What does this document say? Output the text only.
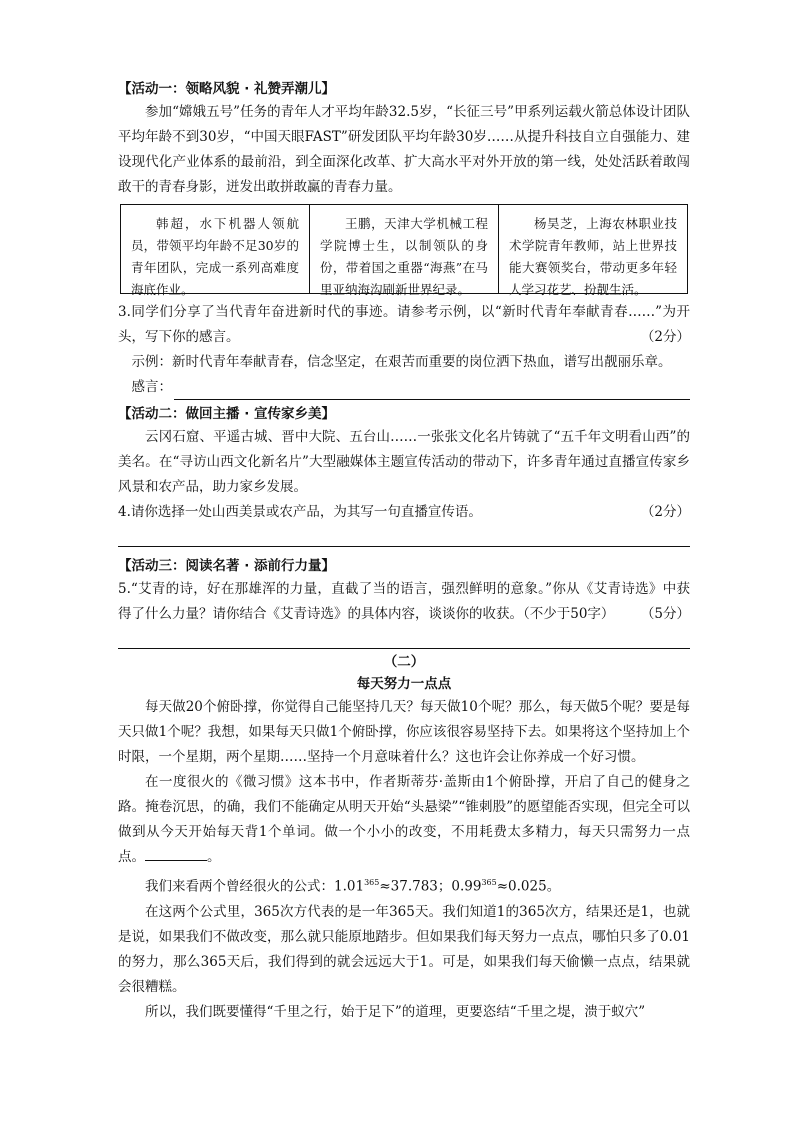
【活动一：领略风貌 · 礼赞弄潮儿】

参加“嫦娥五号”任务的青年人才平均年龄32.5岁，“长征三号”甲系列运载火箭总体设计团队平均年龄不到30岁，“中国天眼FAST”研发团队平均年龄30岁……从提升科技自立自强能力、建设现代化产业体系的最前沿，到全面深化改革、扩大高水平对外开放的第一线，处处活跃着敢闯敢干的青春身影，迸发出敢拼敢赢的青春力量。

韩超，水下机器人领航员，带领平均年龄不足30岁的青年团队，完成一系列高难度海底作业。
王鹏，天津大学机械工程学院博士生，以制领队的身份，带着国之重器“海燕”在马里亚纳海沟刷新世界纪录。
杨昊芝，上海农林职业技术学院青年教师，站上世界技能大赛领奖台，带动更多年轻人学习花艺、扮靓生活。

3.同学们分享了当代青年奋进新时代的事迹。请参考示例，以“新时代青年奉献青春……”为开头，写下你的感言。	（2分）

示例：新时代青年奉献青春，信念坚定，在艰苦而重要的岗位洒下热血，谱写出靓丽乐章。

感言：
【活动二：做回主播 · 宣传家乡美】

云冈石窟、平遥古城、晋中大院、五台山……一张张文化名片铸就了“五千年文明看山西”的美名。在“寻访山西文化新名片”大型融媒体主题宣传活动的带动下，许多青年通过直播宣传家乡风景和农产品，助力家乡发展。

4.请你选择一处山西美景或农产品，为其写一句直播宣传语。	（2分）
【活动三：阅读名著 · 添前行力量】

5.“艾青的诗，好在那雄浑的力量，直截了当的语言，强烈鲜明的意象。”你从《艾青诗选》中获得了什么力量？请你结合《艾青诗选》的具体内容，谈谈你的收获。（不少于50字） （5分）

（二）
每天努力一点点

每天做20个俯卧撑，你觉得自己能坚持几天？每天做10个呢？那么，每天做5个呢？要是每天只做1个呢？我想，如果每天只做1个俯卧撑，你应该很容易坚持下去。如果将这个坚持加上个时限，一个星期，两个星期……坚持一个月意味着什么？这也许会让你养成一个好习惯。

在一度很火的《微习惯》这本书中，作者斯蒂芬·盖斯由1个俯卧撑，开启了自己的健身之路。掩卷沉思，的确，我们不能确定从明天开始“头悬梁”“锥刺股”的愿望能否实现，但完全可以做到从今天开始每天背1个单词。做一个小小的改变，不用耗费太多精力，每天只需努力一点点。	。

我们来看两个曾经很火的公式：$1.01^{365}\approx 37.783$；$0.99^{365}\approx 0.025$。

在这两个公式里，365次方代表的是一年365天。我们知道1的365次方，结果还是1，也就是说，如果我们不做改变，那么就只能原地踏步。但如果我们每天努力一点点，哪怕只多了0.01的努力，那么365天后，我们得到的就会远远大于1。可是，如果我们每天偷懒一点点，结果就会很糟糕。

所以，我们既要懂得“千里之行，始于足下”的道理，更要恣结“千里之堤，溃于蚁穴”
